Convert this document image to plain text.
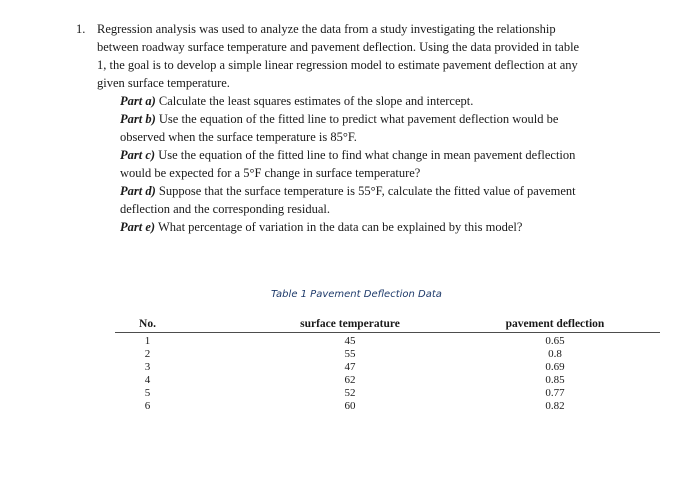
1. Regression analysis was used to analyze the data from a study investigating the relationship
between roadway surface temperature and pavement deflection. Using the data provided in table
1, the goal is to develop a simple linear regression model to estimate pavement deflection at any
given surface temperature.
Part a) Calculate the least squares estimates of the slope and intercept.
Part b) Use the equation of the fitted line to predict what pavement deflection would be
observed when the surface temperature is 85°F.
Part c) Use the equation of the fitted line to find what change in mean pavement deflection
would be expected for a 5°F change in surface temperature?
Part d) Suppose that the surface temperature is 55°F, calculate the fitted value of pavement
deflection and the corresponding residual.
Part e) What percentage of variation in the data can be explained by this model?
Table 1 Pavement Deflection Data
No.	surface temperature	pavement deflection
1	45	0.65
2	55	0.8
3	47	0.69
4	62	0.85
5	52	0.77
6	60	0.82
